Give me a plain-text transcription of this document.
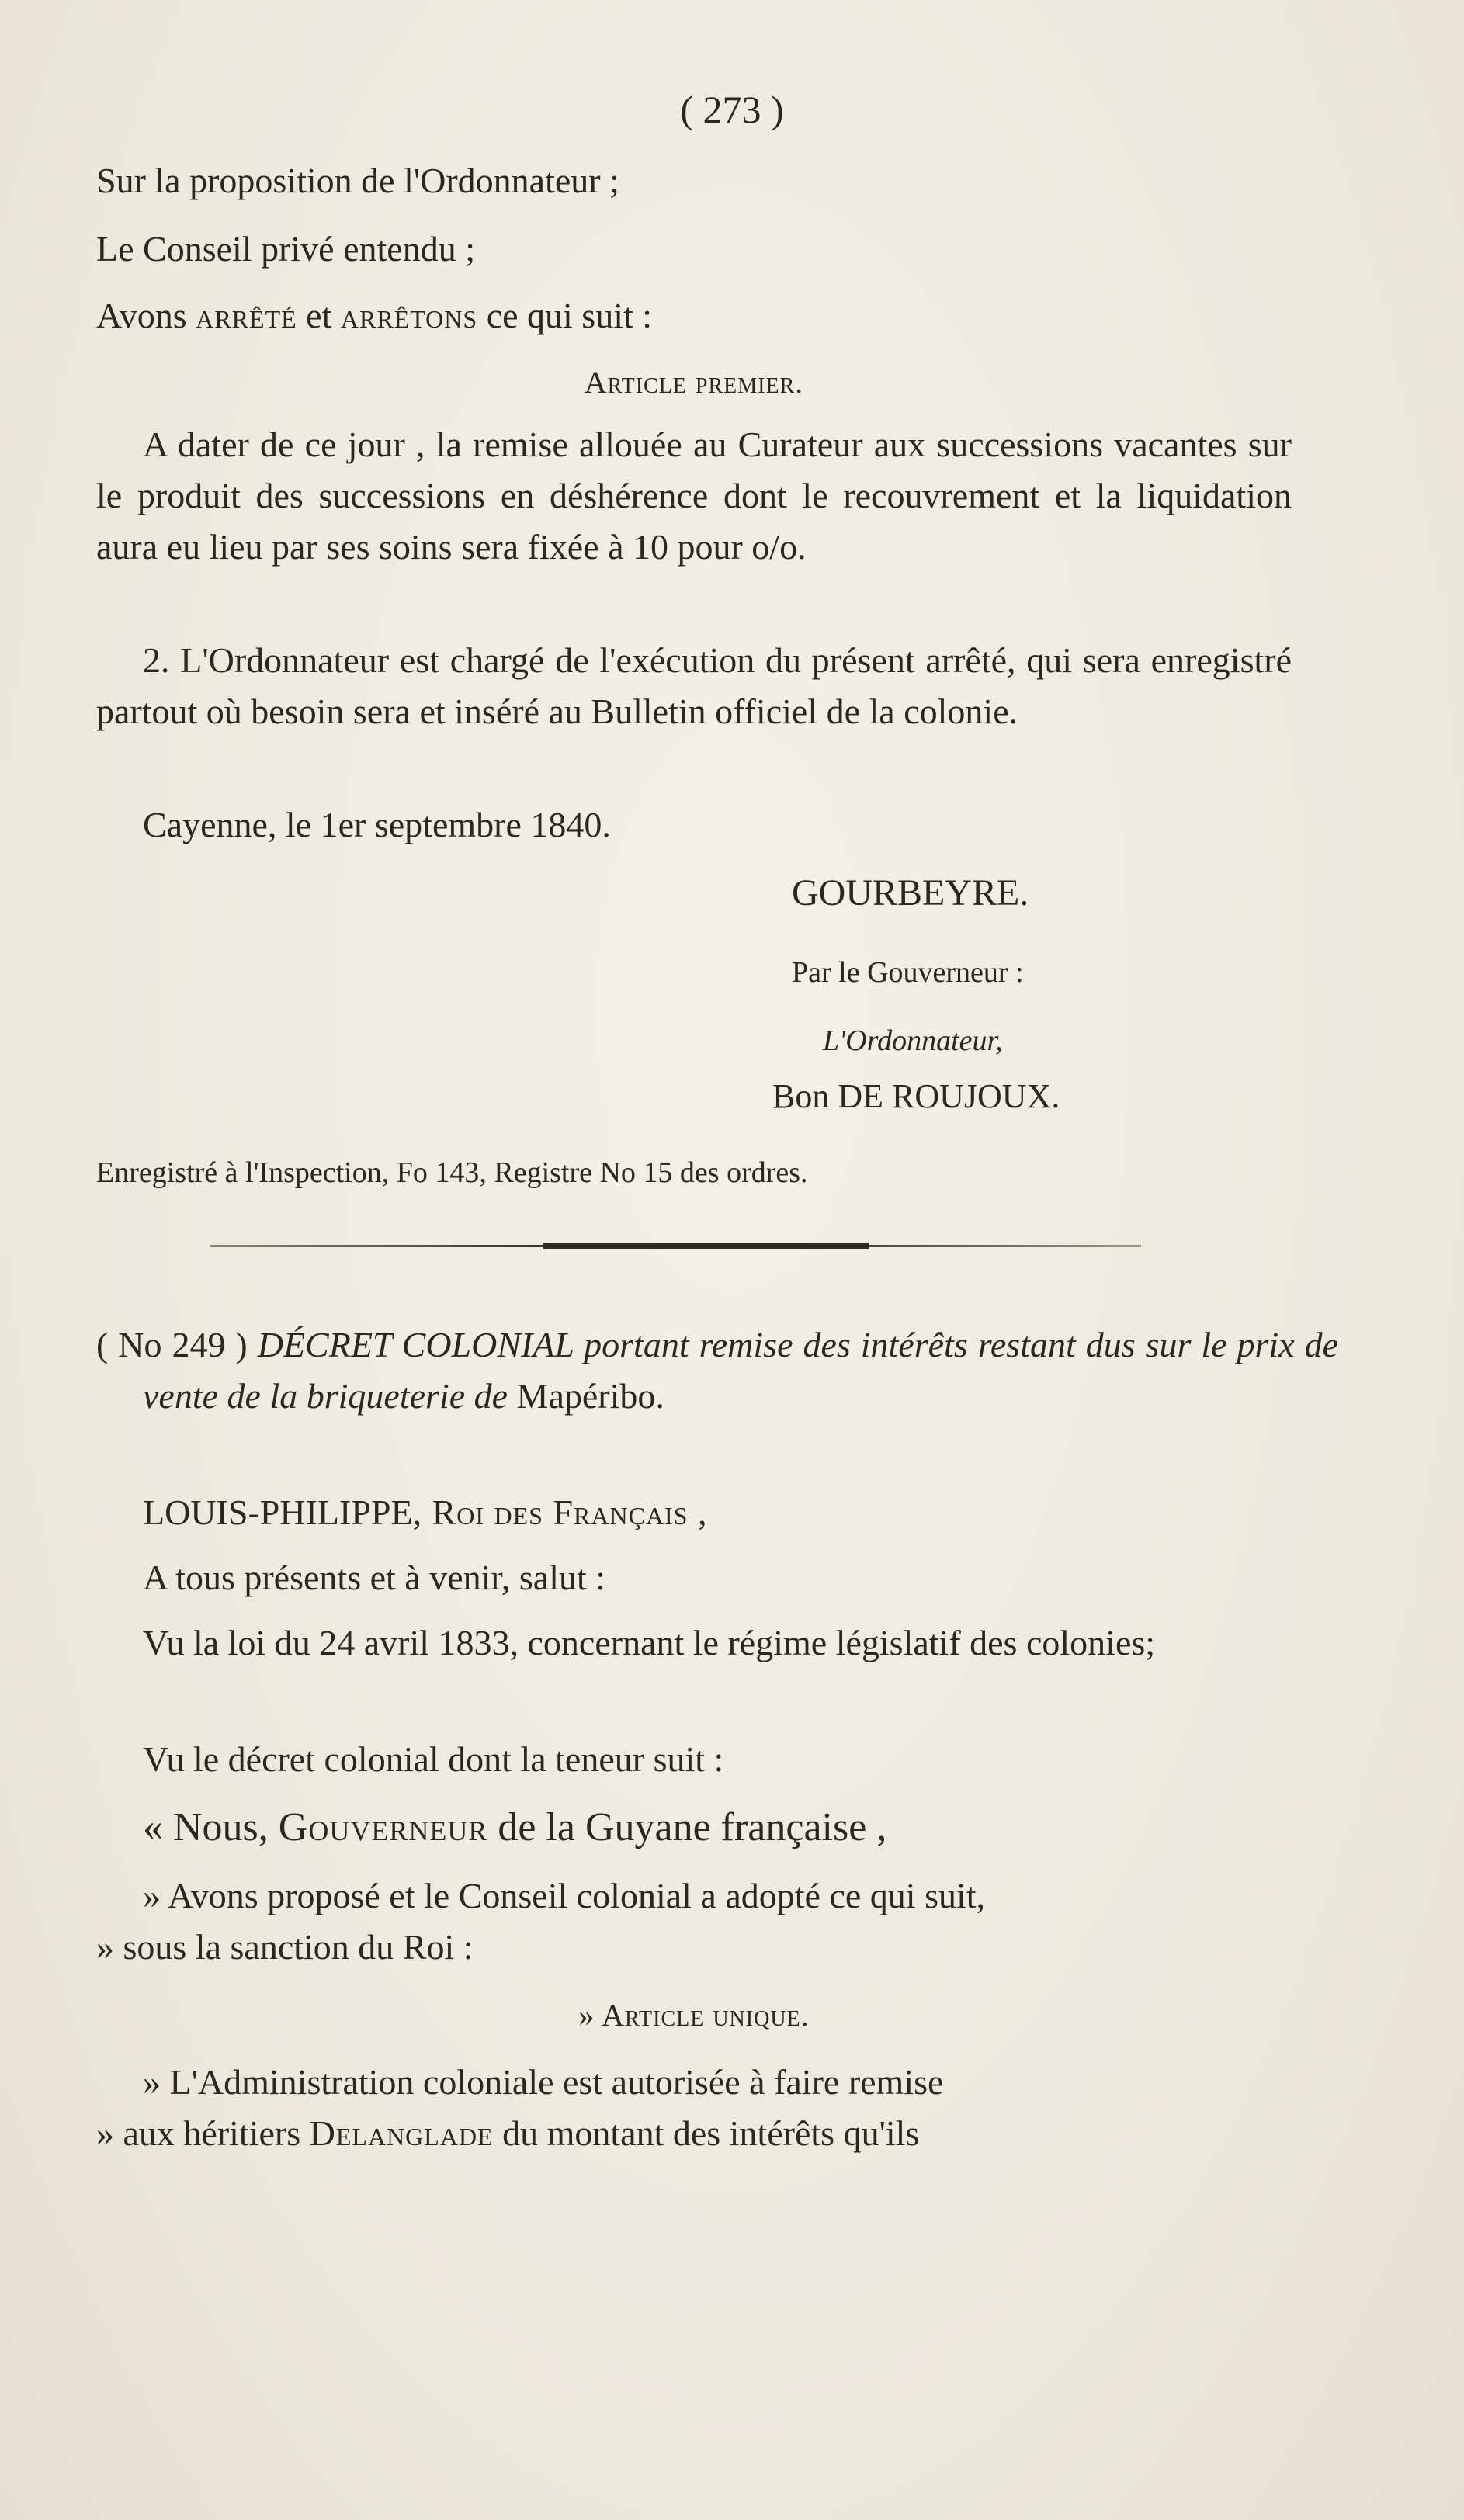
( 273 )
Sur la proposition de l'Ordonnateur ;
Le Conseil privé entendu ;
Avons arrêté et arrêtons ce qui suit :
Article premier.
A dater de ce jour , la remise allouée au Curateur aux successions vacantes sur le produit des successions en déshérence dont le recouvrement et la liquidation aura eu lieu par ses soins sera fixée à 10 pour o/o.
2. L'Ordonnateur est chargé de l'exécution du présent arrêté, qui sera enregistré partout où besoin sera et inséré au Bulletin officiel de la colonie.
Cayenne, le 1er septembre 1840.
GOURBEYRE.
Par le Gouverneur :
L'Ordonnateur,
Bon DE ROUJOUX.
Enregistré à l'Inspection, Fo 143, Registre No 15 des ordres.
( No 249 ) DÉCRET COLONIAL portant remise des intérêts restant dus sur le prix de vente de la briqueterie de Mapéribo.
LOUIS-PHILIPPE, Roi des Français ,
A tous présents et à venir, salut :
Vu la loi du 24 avril 1833, concernant le régime législatif des colonies;
Vu le décret colonial dont la teneur suit :
« Nous, Gouverneur de la Guyane française ,
» Avons proposé et le Conseil colonial a adopté ce qui suit,
» sous la sanction du Roi :
» Article unique.
» L'Administration coloniale est autorisée à faire remise
» aux héritiers Delanglade du montant des intérêts qu'ils
